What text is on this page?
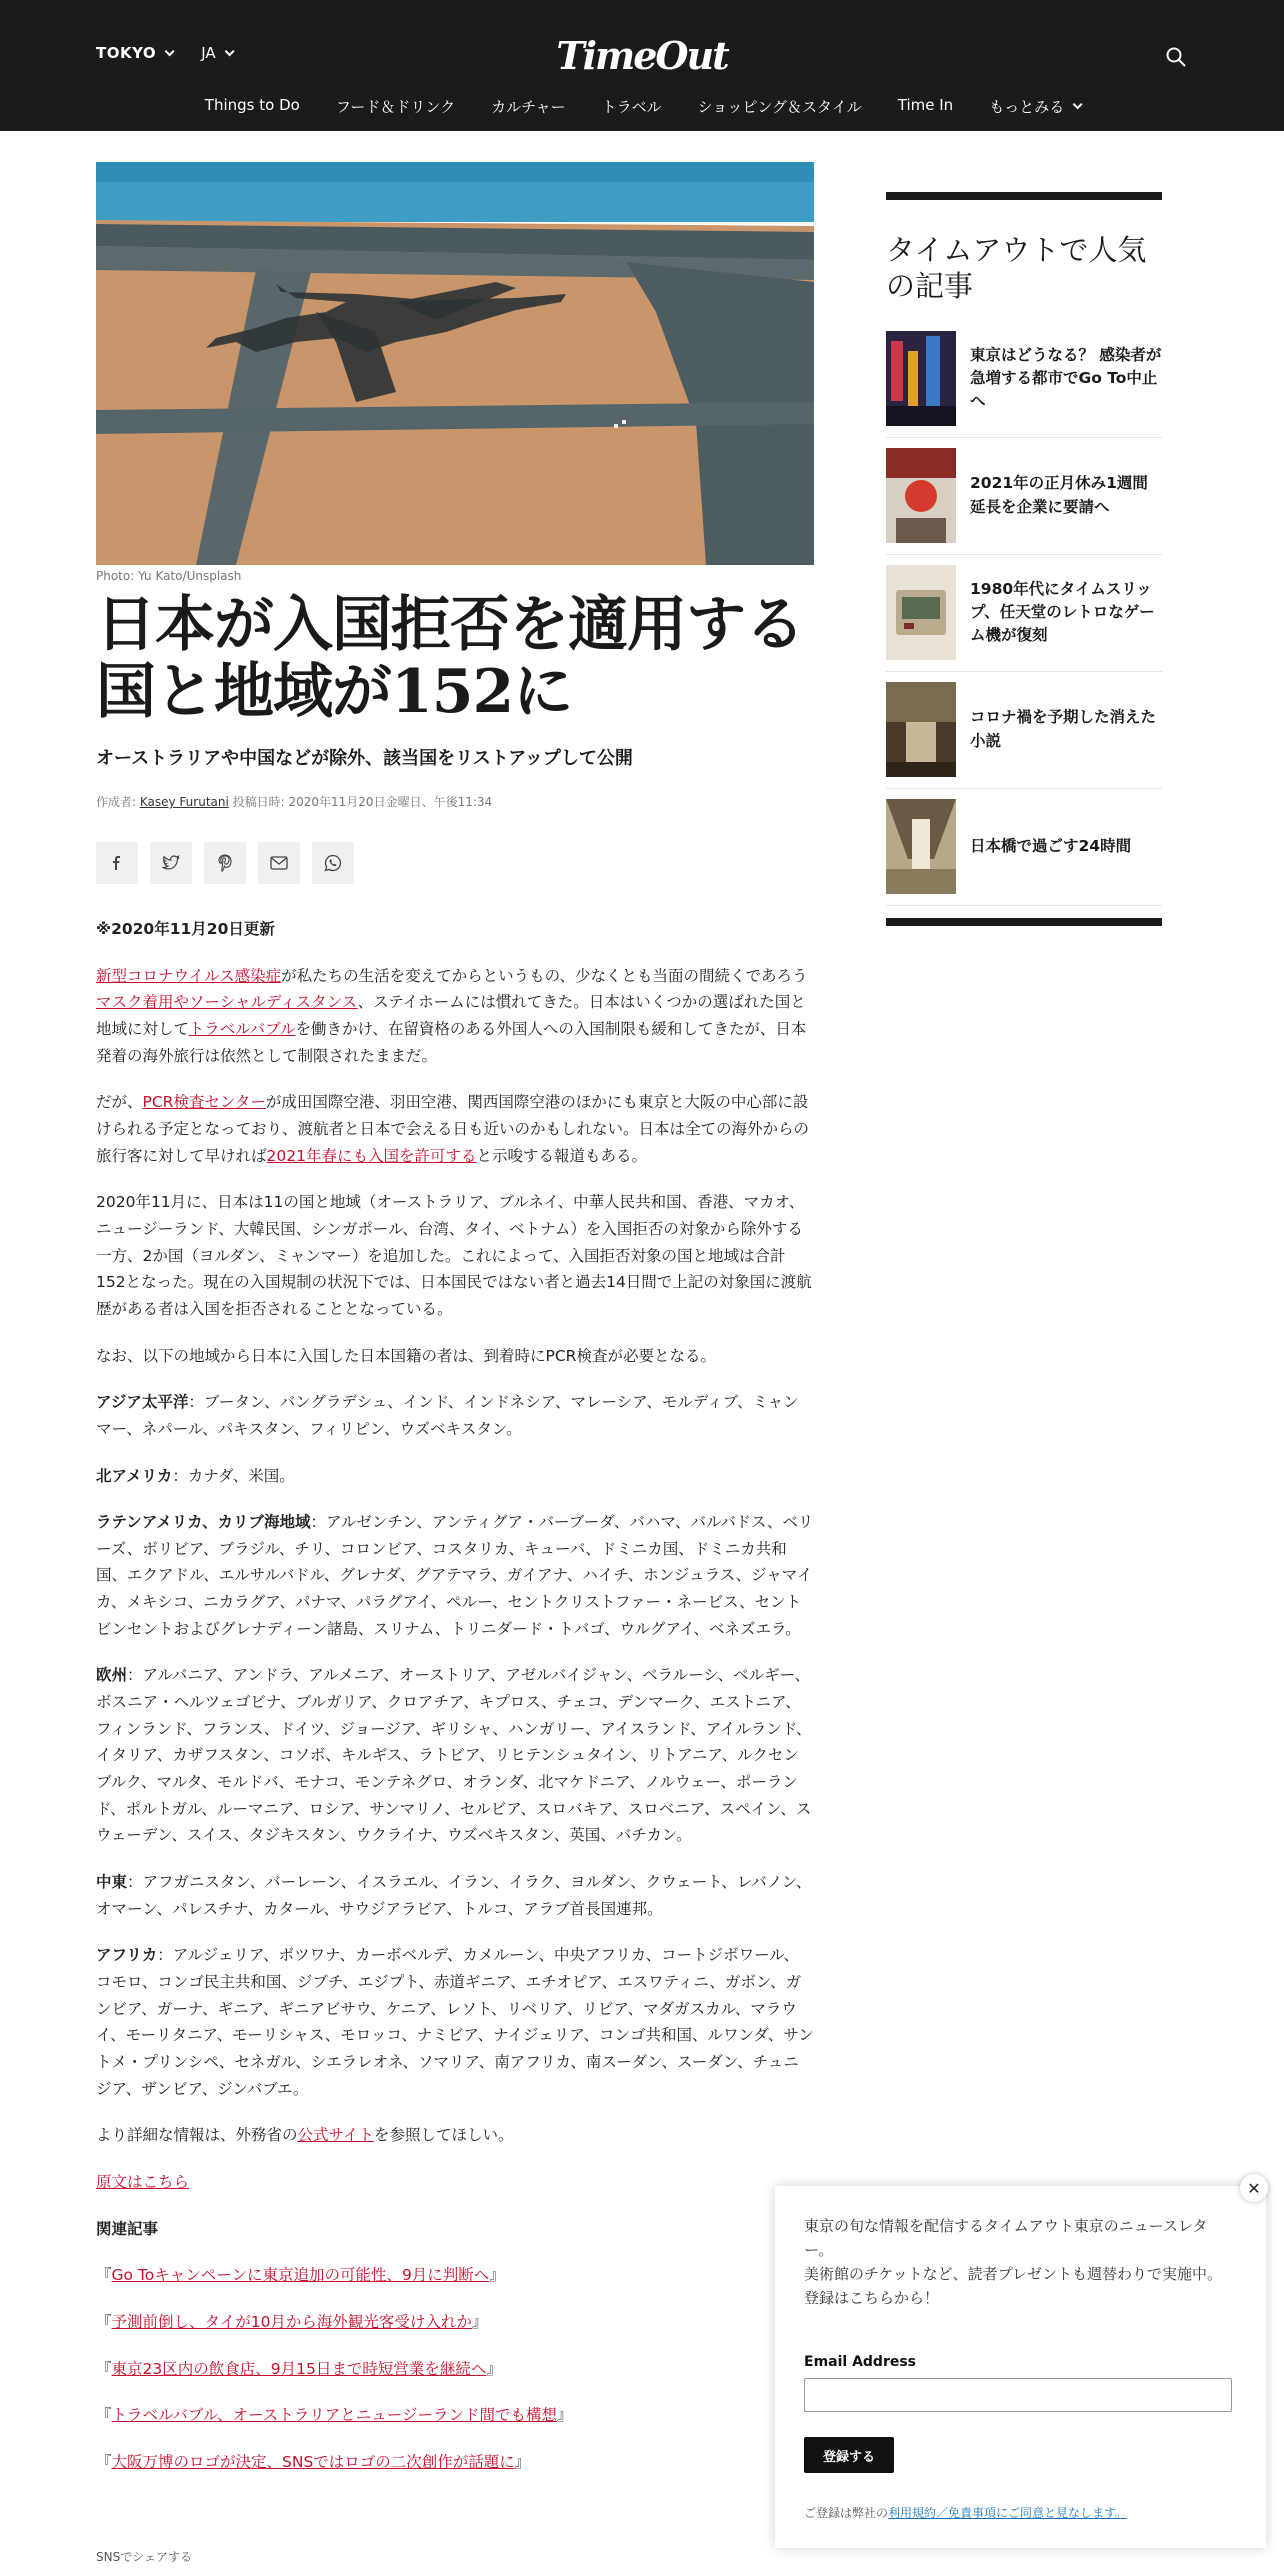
TOKYO	JA	TimeOut
Things to Do フード＆ドリンク カルチャー トラベル ショッピング＆スタイル Time In もっとみる
Photo: Yu Kato/Unsplash
日本が入国拒否を適用する
国と地域が152に
オーストラリアや中国などが除外、該当国をリストアップして公開
作成者: Kasey Furutani 投稿日時: 2020年11月20日金曜日、午後11:34

※2020年11月20日更新

新型コロナウイルス感染症が私たちの生活を変えてからというもの、少なくとも当面の間続くであろうマスク着用やソーシャルディスタンス、ステイホームには慣れてきた。日本はいくつかの選ばれた国と地域に対してトラベルバブルを働きかけ、在留資格のある外国人への入国制限も緩和してきたが、日本発着の海外旅行は依然として制限されたままだ。

だが、PCR検査センターが成田国際空港、羽田空港、関西国際空港のほかにも東京と大阪の中心部に設けられる予定となっており、渡航者と日本で会える日も近いのかもしれない。日本は全ての海外からの旅行客に対して早ければ2021年春にも入国を許可すると示唆する報道もある。

2020年11月に、日本は11の国と地域（オーストラリア、ブルネイ、中華人民共和国、香港、マカオ、ニュージーランド、大韓民国、シンガポール、台湾、タイ、ベトナム）を入国拒否の対象から除外する一方、2か国（ヨルダン、ミャンマー）を追加した。これによって、入国拒否対象の国と地域は合計152となった。現在の入国規制の状況下では、日本国民ではない者と過去14日間で上記の対象国に渡航歴がある者は入国を拒否されることとなっている。

なお、以下の地域から日本に入国した日本国籍の者は、到着時にPCR検査が必要となる。

アジア太平洋：ブータン、バングラデシュ、インド、インドネシア、マレーシア、モルディブ、ミャンマー、ネパール、パキスタン、フィリピン、ウズベキスタン。

北アメリカ：カナダ、米国。

ラテンアメリカ、カリブ海地域：アルゼンチン、アンティグア・バーブーダ、バハマ、バルバドス、ベリーズ、ボリビア、ブラジル、チリ、コロンビア、コスタリカ、キューバ、ドミニカ国、ドミニカ共和国、エクアドル、エルサルバドル、グレナダ、グアテマラ、ガイアナ、ハイチ、ホンジュラス、ジャマイカ、メキシコ、ニカラグア、パナマ、パラグアイ、ペルー、セントクリストファー・ネービス、セントビンセントおよびグレナディーン諸島、スリナム、トリニダード・トバゴ、ウルグアイ、ベネズエラ。

欧州：アルバニア、アンドラ、アルメニア、オーストリア、アゼルバイジャン、ベラルーシ、ベルギー、ボスニア・ヘルツェゴビナ、ブルガリア、クロアチア、キプロス、チェコ、デンマーク、エストニア、フィンランド、フランス、ドイツ、ジョージア、ギリシャ、ハンガリー、アイスランド、アイルランド、イタリア、カザフスタン、コソボ、キルギス、ラトビア、リヒテンシュタイン、リトアニア、ルクセンブルク、マルタ、モルドバ、モナコ、モンテネグロ、オランダ、北マケドニア、ノルウェー、ポーランド、ポルトガル、ルーマニア、ロシア、サンマリノ、セルビア、スロバキア、スロベニア、スペイン、スウェーデン、スイス、タジキスタン、ウクライナ、ウズベキスタン、英国、バチカン。

中東：アフガニスタン、バーレーン、イスラエル、イラン、イラク、ヨルダン、クウェート、レバノン、オマーン、パレスチナ、カタール、サウジアラビア、トルコ、アラブ首長国連邦。

アフリカ：アルジェリア、ボツワナ、カーボベルデ、カメルーン、中央アフリカ、コートジボワール、コモロ、コンゴ民主共和国、ジブチ、エジプト、赤道ギニア、エチオピア、エスワティニ、ガボン、ガンビア、ガーナ、ギニア、ギニアビサウ、ケニア、レソト、リベリア、リビア、マダガスカル、マラウイ、モーリタニア、モーリシャス、モロッコ、ナミビア、ナイジェリア、コンゴ共和国、ルワンダ、サントメ・プリンシペ、セネガル、シエラレオネ、ソマリア、南アフリカ、南スーダン、スーダン、チュニジア、ザンビア、ジンバブエ。

より詳細な情報は、外務省の公式サイトを参照してほしい。

原文はこちら

関連記事

『Go Toキャンペーンに東京追加の可能性、9月に判断へ』

『予測前倒し、タイが10月から海外観光客受け入れか』

『東京23区内の飲食店、9月15日まで時短営業を継続へ』

『トラベルバブル、オーストラリアとニュージーランド間でも構想』

『大阪万博のロゴが決定、SNSではロゴの二次創作が話題に』

SNSでシェアする
タイムアウトで人気の記事
東京はどうなる？ 感染者が急増する都市でGo To中止へ
2021年の正月休み1週間延長を企業に要請へ
1980年代にタイムスリップ、任天堂のレトロなゲーム機が復刻
コロナ禍を予期した消えた小説
日本橋で過ごす24時間
東京の旬な情報を配信するタイムアウト東京のニュースレター。
美術館のチケットなど、読者プレゼントも週替わりで実施中。
登録はこちらから！
Email Address
登録する
ご登録は弊社の利用規約／免責事項にご同意と見なします。
✕
